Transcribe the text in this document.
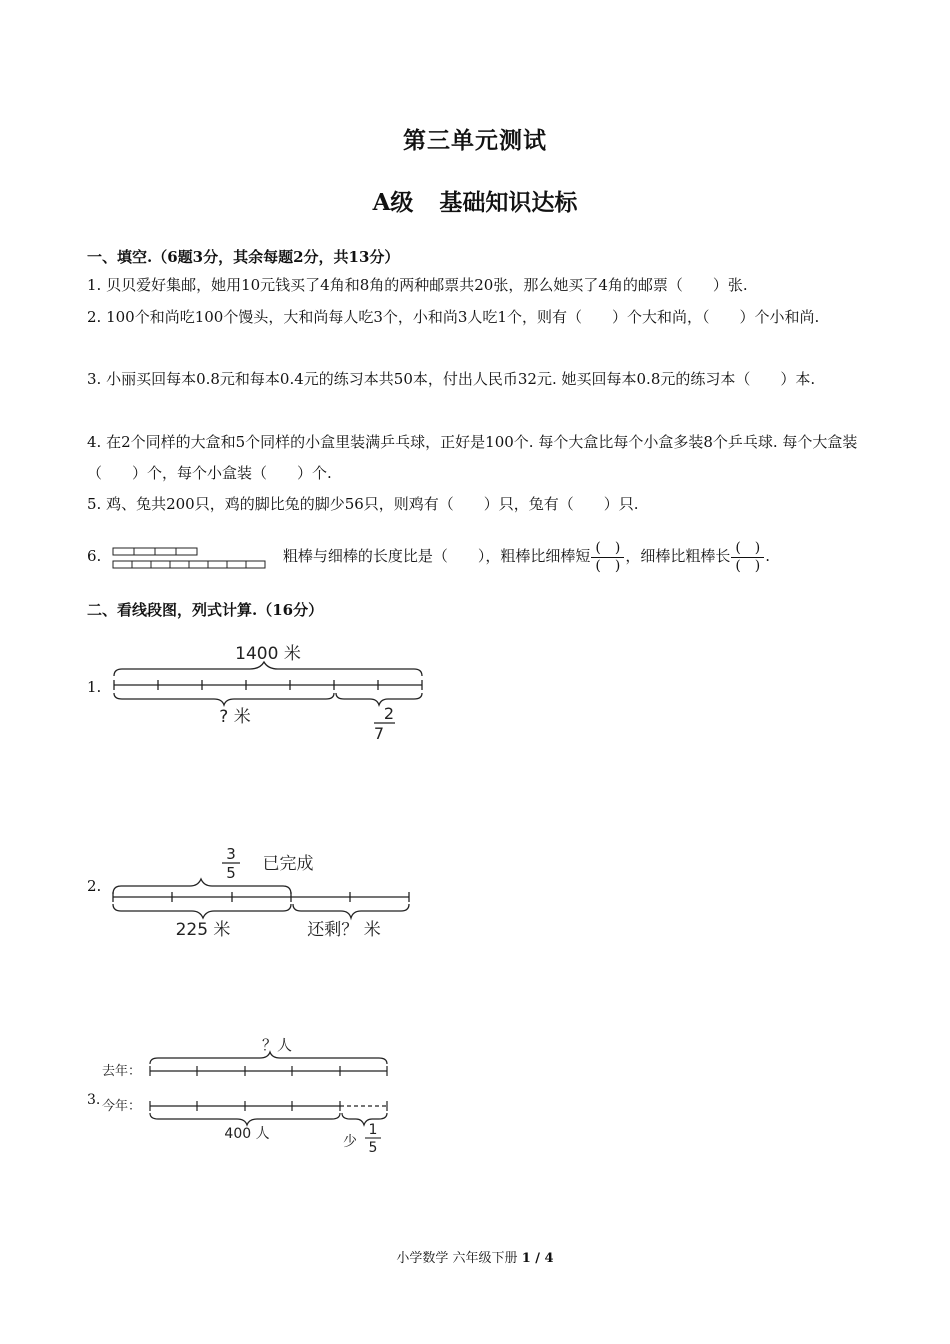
第三单元测试
A级 基础知识达标
一、填空.（6题3分，其余每题2分，共13分）
1. 贝贝爱好集邮，她用10元钱买了4角和8角的两种邮票共20张，那么她买了4角的邮票（　　）张.
2. 100个和尚吃100个馒头，大和尚每人吃3个，小和尚3人吃1个，则有（　　）个大和尚，（　　）个小和尚.
3. 小丽买回每本0.8元和每本0.4元的练习本共50本，付出人民币32元. 她买回每本0.8元的练习本（　　）本.
4. 在2个同样的大盒和5个同样的小盒里装满乒乓球，正好是100个. 每个大盒比每个小盒多装8个乒乓球. 每个大盒装（　　）个，每个小盒装（　　）个.
5. 鸡、兔共200只，鸡的脚比兔的脚少56只，则鸡有（　　）只，兔有（　　）只.
6.	粗棒与细棒的长度比是（　　），粗棒比细棒短 $\frac{( )}{( )}$ ，细棒比粗棒长 $\frac{( )}{( )}$ .
二、看线段图，列式计算.（16分）
1.
1400 米
? 米	2
7
2.
已完成
3
5
225 米	还剩？ 米
3.
？人
去年：
今年：
400 人	少
1
5
小学数学 六年级下册 1 / 4
